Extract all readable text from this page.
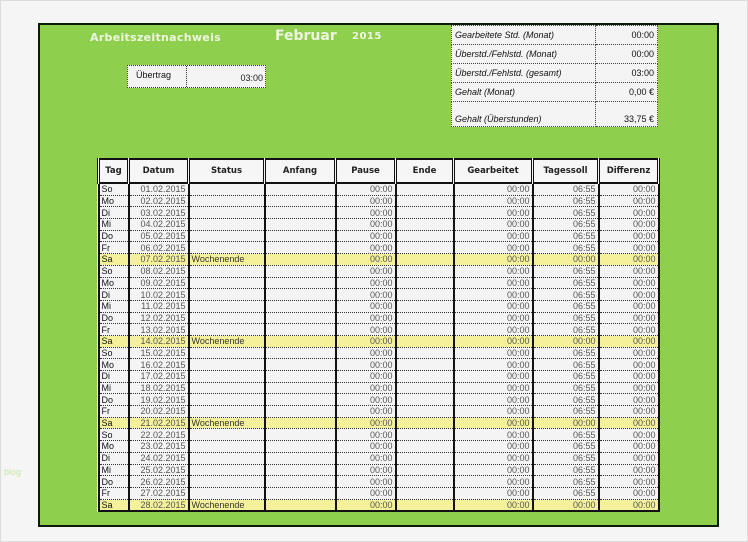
Arbeitszeitnachweis	Februar 2015
Übertrag	03:00
Gearbeitete Std. (Monat)	00:00
Überstd./Fehlstd. (Monat)	00:00
Überstd./Fehlstd. (gesamt)	03:00
Gehalt (Monat)	0,00 €
Gehalt (Überstunden)	33,75 €
Tag	Datum	Status	Anfang	Pause	Ende	Gearbeitet	Tagessoll	Differenz
So	01.02.2015			00:00		00:00	06:55	00:00
Mo	02.02.2015			00:00		00:00	06:55	00:00
Di	03.02.2015			00:00		00:00	06:55	00:00
Mi	04.02.2015			00:00		00:00	06:55	00:00
Do	05.02.2015			00:00		00:00	06:55	00:00
Fr	06.02.2015			00:00		00:00	06:55	00:00
Sa	07.02.2015	Wochenende		00:00		00:00	00:00	00:00
So	08.02.2015			00:00		00:00	06:55	00:00
Mo	09.02.2015			00:00		00:00	06:55	00:00
Di	10.02.2015			00:00		00:00	06:55	00:00
Mi	11.02.2015			00:00		00:00	06:55	00:00
Do	12.02.2015			00:00		00:00	06:55	00:00
Fr	13.02.2015			00:00		00:00	06:55	00:00
Sa	14.02.2015	Wochenende		00:00		00:00	00:00	00:00
So	15.02.2015			00:00		00:00	06:55	00:00
Mo	16.02.2015			00:00		00:00	06:55	00:00
Di	17.02.2015			00:00		00:00	06:55	00:00
Mi	18.02.2015			00:00		00:00	06:55	00:00
Do	19.02.2015			00:00		00:00	06:55	00:00
Fr	20.02.2015			00:00		00:00	06:55	00:00
Sa	21.02.2015	Wochenende		00:00		00:00	00:00	00:00
So	22.02.2015			00:00		00:00	06:55	00:00
Mo	23.02.2015			00:00		00:00	06:55	00:00
Di	24.02.2015			00:00		00:00	06:55	00:00
Mi	25.02.2015			00:00		00:00	06:55	00:00
Do	26.02.2015			00:00		00:00	06:55	00:00
Fr	27.02.2015			00:00		00:00	06:55	00:00
Sa	28.02.2015	Wochenende		00:00		00:00	00:00	00:00
blog
